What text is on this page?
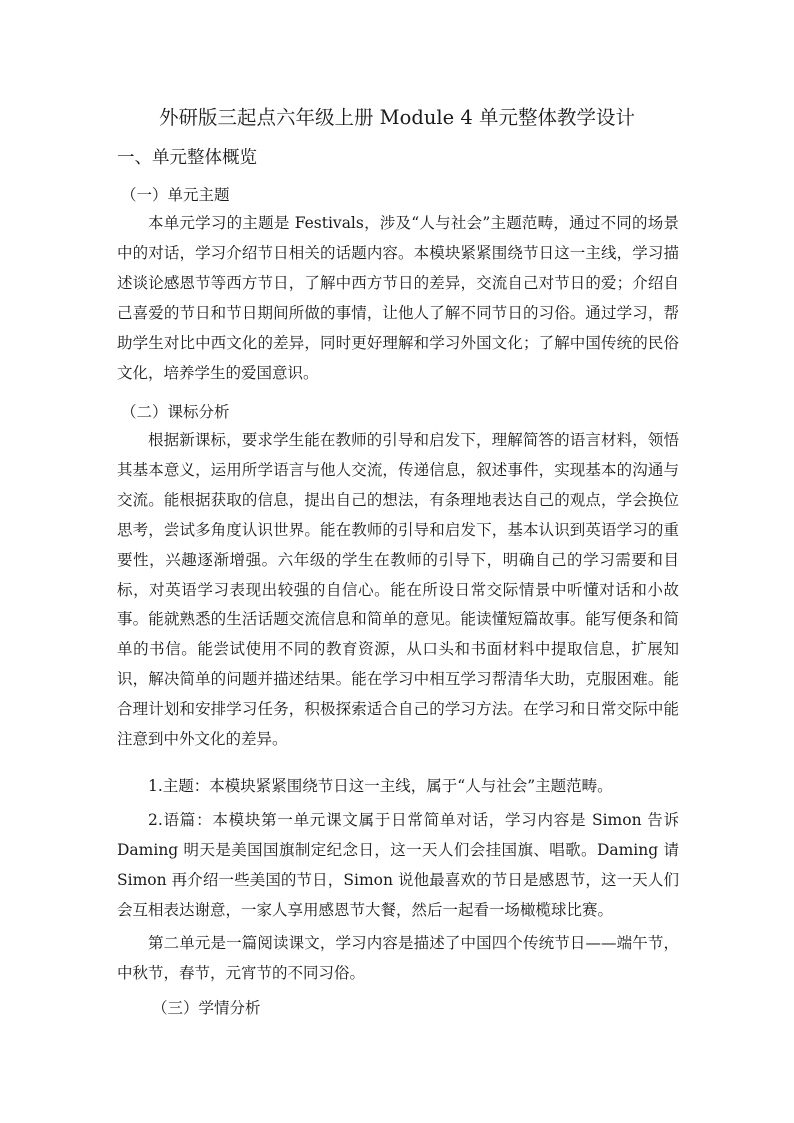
外研版三起点六年级上册 Module 4 单元整体教学设计
一、单元整体概览
（一）单元主题

本单元学习的主题是 Festivals，涉及“人与社会”主题范畴，通过不同的场景中的对话，学习介绍节日相关的话题内容。本模块紧紧围绕节日这一主线，学习描述谈论感恩节等西方节日，了解中西方节日的差异，交流自己对节日的爱；介绍自己喜爱的节日和节日期间所做的事情，让他人了解不同节日的习俗。通过学习，帮助学生对比中西文化的差异，同时更好理解和学习外国文化；了解中国传统的民俗文化，培养学生的爱国意识。

（二）课标分析

根据新课标，要求学生能在教师的引导和启发下，理解简答的语言材料，领悟其基本意义，运用所学语言与他人交流，传递信息，叙述事件，实现基本的沟通与交流。能根据获取的信息，提出自己的想法，有条理地表达自己的观点，学会换位思考，尝试多角度认识世界。能在教师的引导和启发下，基本认识到英语学习的重要性，兴趣逐渐增强。六年级的学生在教师的引导下，明确自己的学习需要和目标，对英语学习表现出较强的自信心。能在所设日常交际情景中听懂对话和小故事。能就熟悉的生活话题交流信息和简单的意见。能读懂短篇故事。能写便条和简单的书信。能尝试使用不同的教育资源，从口头和书面材料中提取信息，扩展知识，解决简单的问题并描述结果。能在学习中相互学习帮清华大助，克服困难。能合理计划和安排学习任务，积极探索适合自己的学习方法。在学习和日常交际中能注意到中外文化的差异。

1.主题：本模块紧紧围绕节日这一主线，属于“人与社会”主题范畴。

2.语篇：本模块第一单元课文属于日常简单对话，学习内容是 Simon 告诉 Daming 明天是美国国旗制定纪念日，这一天人们会挂国旗、唱歌。Daming 请 Simon 再介绍一些美国的节日，Simon 说他最喜欢的节日是感恩节，这一天人们会互相表达谢意，一家人享用感恩节大餐，然后一起看一场橄榄球比赛。

第二单元是一篇阅读课文，学习内容是描述了中国四个传统节日——端午节，中秋节，春节，元宵节的不同习俗。

（三）学情分析
